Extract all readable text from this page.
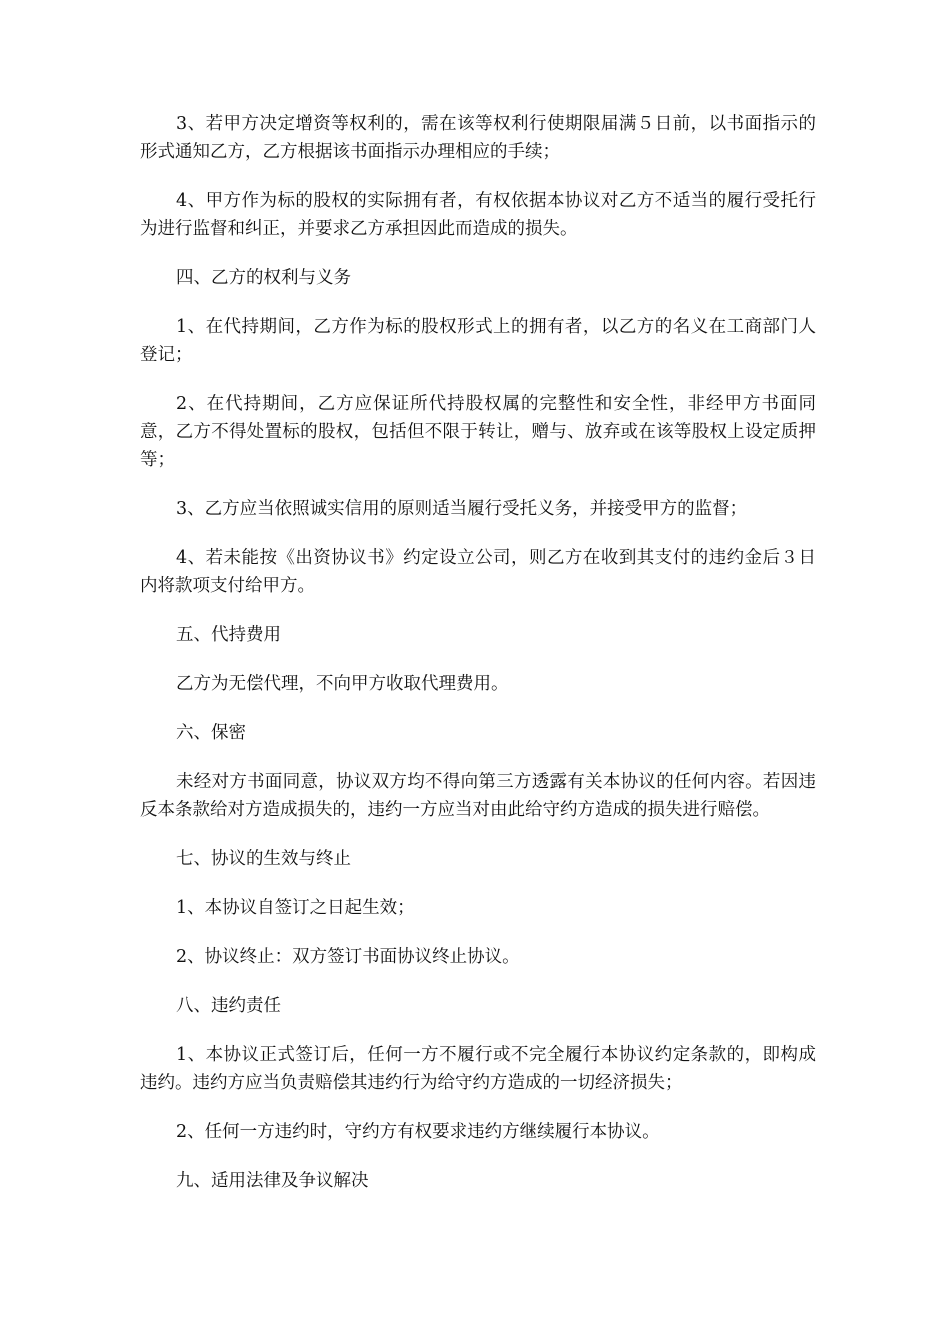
3、若甲方决定增资等权利的，需在该等权利行使期限届满５日前，以书面指示的形式通知乙方，乙方根据该书面指示办理相应的手续；

4、甲方作为标的股权的实际拥有者，有权依据本协议对乙方不适当的履行受托行为进行监督和纠正，并要求乙方承担因此而造成的损失。

四、乙方的权利与义务

1、在代持期间，乙方作为标的股权形式上的拥有者，以乙方的名义在工商部门人登记；

2、在代持期间，乙方应保证所代持股权属的完整性和安全性，非经甲方书面同意，乙方不得处置标的股权，包括但不限于转让，赠与、放弃或在该等股权上设定质押等；

3、乙方应当依照诚实信用的原则适当履行受托义务，并接受甲方的监督；

4、若未能按《出资协议书》约定设立公司，则乙方在收到其支付的违约金后３日内将款项支付给甲方。

五、代持费用

乙方为无偿代理，不向甲方收取代理费用。

六、保密

未经对方书面同意，协议双方均不得向第三方透露有关本协议的任何内容。若因违反本条款给对方造成损失的，违约一方应当对由此给守约方造成的损失进行赔偿。

七、协议的生效与终止

1、本协议自签订之日起生效；

2、协议终止：双方签订书面协议终止协议。

八、违约责任

1、本协议正式签订后，任何一方不履行或不完全履行本协议约定条款的，即构成违约。违约方应当负责赔偿其违约行为给守约方造成的一切经济损失；

2、任何一方违约时，守约方有权要求违约方继续履行本协议。

九、适用法律及争议解决
